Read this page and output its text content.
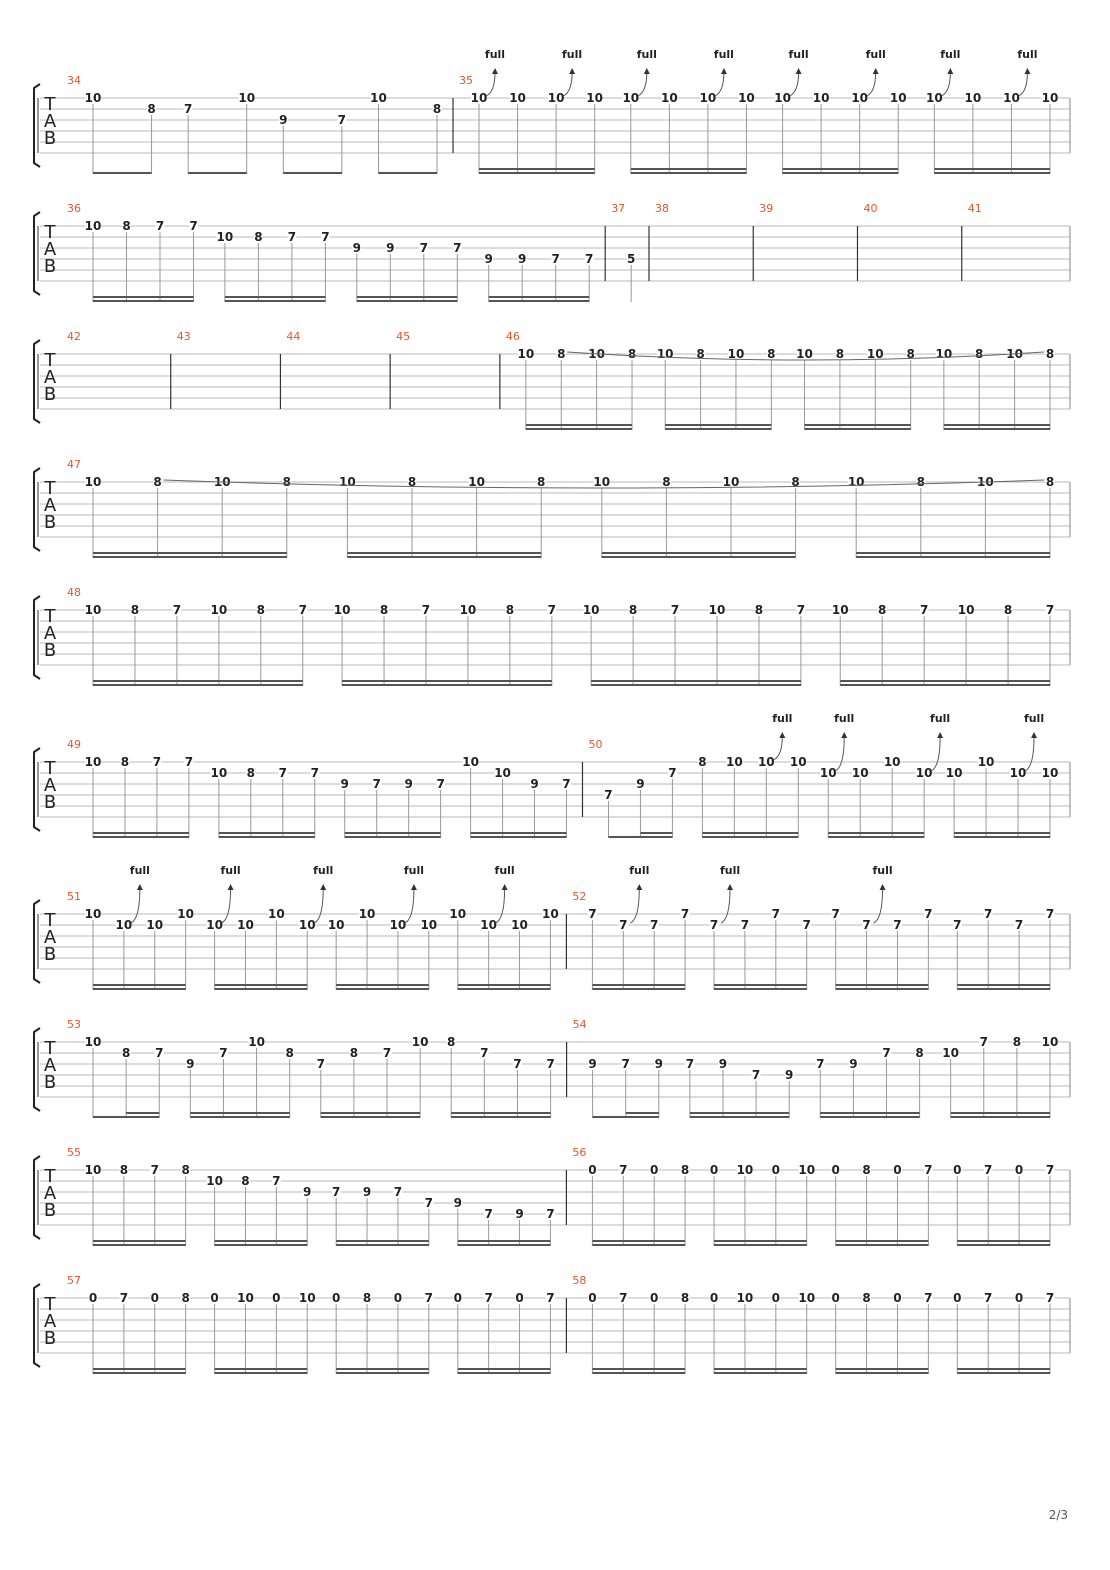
T
A
B
34
10
8 7
10
9	7
10
8
35
10
full
10 10
full
10 10
full
10 10
full
10 10
full
10 10
full
10 10
full
10 10
full
10
T
A
B
36
10 8 7 7
10 8 7 7
9 9 7 7
9 9 7 7
37
5
38	39	40	41
T
A
B
42	43	44	45	46
10 8 10 8 10 8 10 8 10 8 10 8 10 8 10 8
T
A
B
47
10	8	10	8	10	8	10	8	10	8	10	8	10	8	10	8
T
A
B
48
10 8	7 10 8	7 10 8	7 10 8	7 10 8	7 10 8	7 10 8	7 10 8	7
T
A
B
49
10 8 7 7
10 8 7 7
9 7 9 7
10
10
9 7
50
7
9
7
8 10 10
full
10
10
full
10
10
10
full
10
10
10
full
10
T
A
B
51
10
10
full
10
10
10
full
10
10
10
full
10
10
10
full
10
10
10
full
10
10
52
7
7
full
7
7
7
full
7
7
7
7
7
full
7
7
7
7
7
7
T
A
B
53
10
8 7
9
7
10
8
7
8 7
10 8
7
7 7
54
9 7 9 7 9
7 9
7 9
7 8 10
7 8 10
T
A
B
55
10 8 7 8
10 8 7
9 7 9 7
7 9
7 9 7
56
0 7 0 8 0 10 0 10 0 8 0 7 0 7 0 7
T
A
B
57
0 7 0 8 0 10 0 10 0 8 0 7 0 7 0 7
58
0 7 0 8 0 10 0 10 0 8 0 7 0 7 0 7
2/3
